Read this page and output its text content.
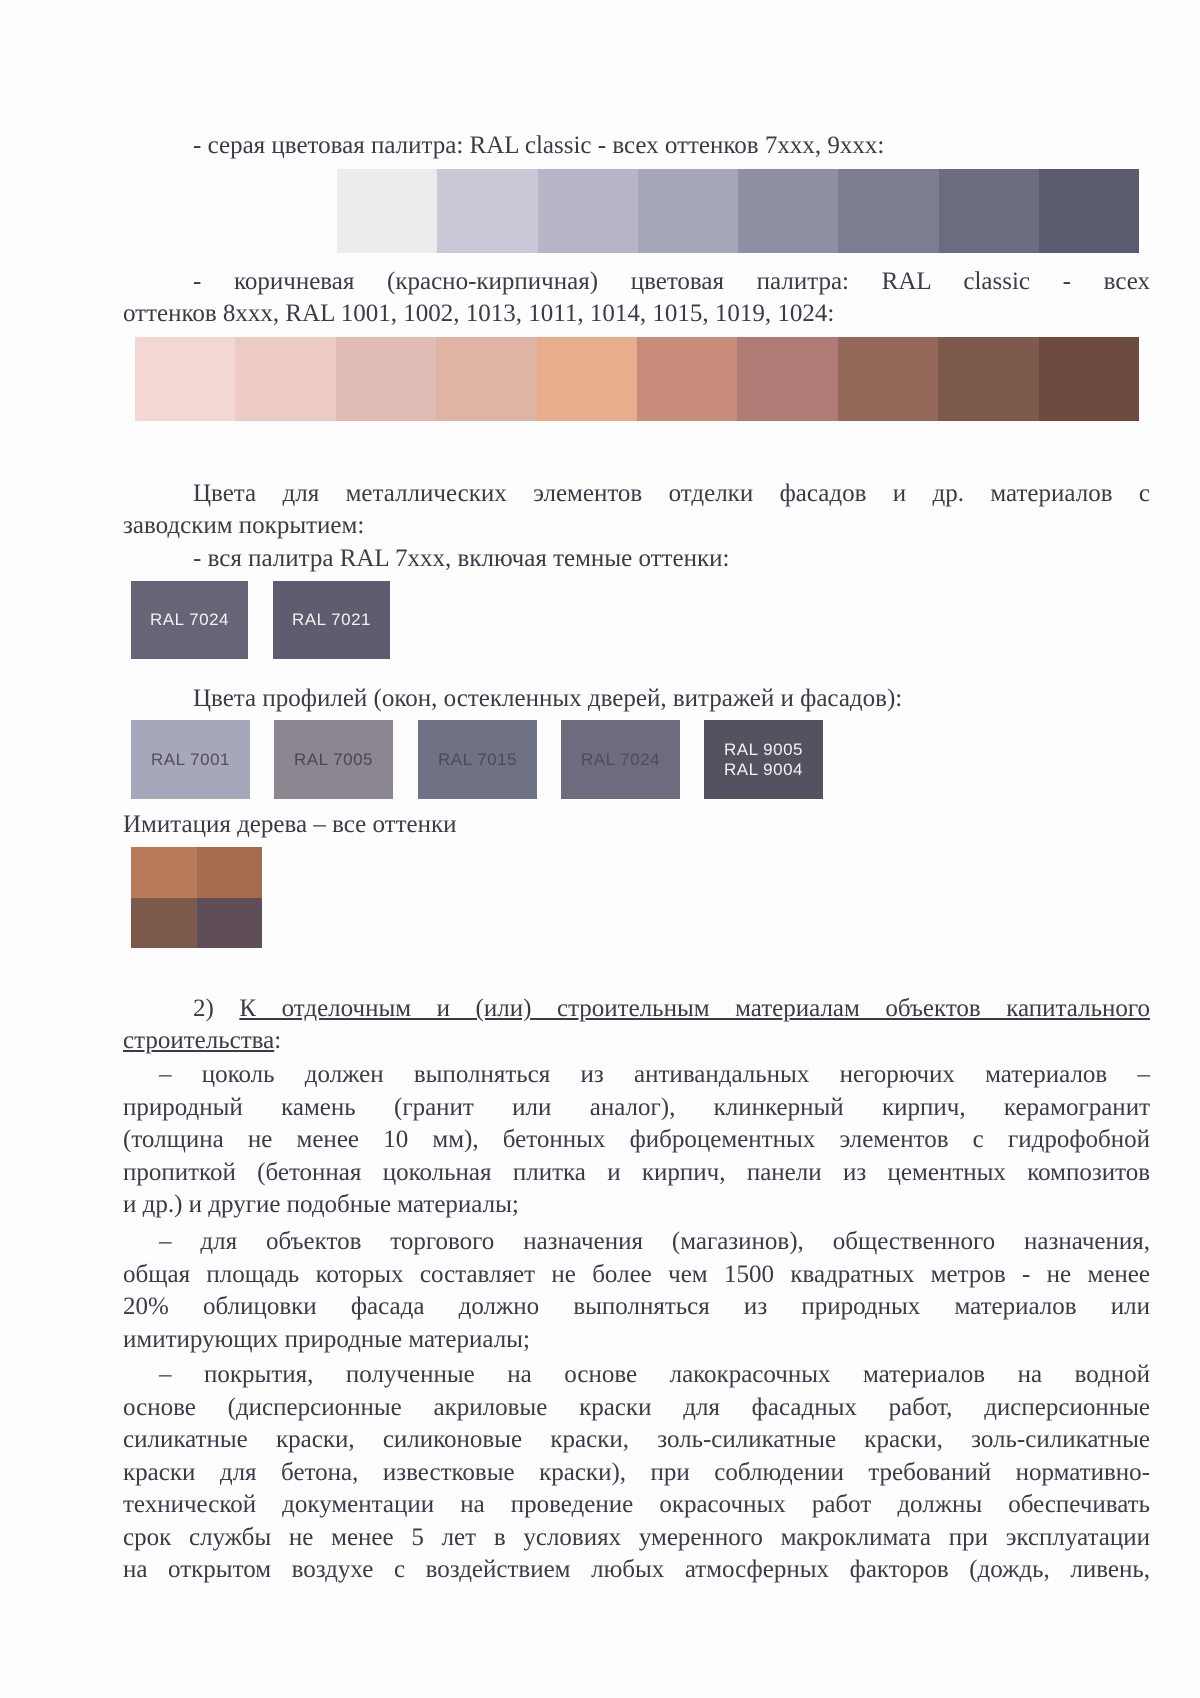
- серая цветовая палитра: RAL classic - всех оттенков 7ххх, 9ххх:

- коричневая (красно-кирпичная) цветовая палитра: RAL classic - всех

оттенков 8ххх, RAL 1001, 1002, 1013, 1011, 1014, 1015, 1019, 1024:

Цвета для металлических элементов отделки фасадов и др. материалов с

заводским покрытием:

- вся палитра RAL 7ххх, включая темные оттенки:

RAL 7024	RAL 7021

Цвета профилей (окон, остекленных дверей, витражей и фасадов):

RAL 7001	RAL 7005	RAL 7015	RAL 7024
RAL 9005
RAL 9004

Имитация дерева – все оттенки

2) К отделочным и (или) строительным материалам объектов капитального

строительства:

– цоколь должен выполняться из антивандальных негорючих материалов –
природный камень (гранит или аналог), клинкерный кирпич, керамогранит
(толщина не менее 10 мм), бетонных фиброцементных элементов с гидрофобной
пропиткой (бетонная цокольная плитка и кирпич, панели из цементных композитов
и др.) и другие подобные материалы;
– для объектов торгового назначения (магазинов), общественного назначения,
общая площадь которых составляет не более чем 1500 квадратных метров - не менее
20% облицовки фасада должно выполняться из природных материалов или
имитирующих природные материалы;
– покрытия, полученные на основе лакокрасочных материалов на водной
основе (дисперсионные акриловые краски для фасадных работ, дисперсионные
силикатные краски, силиконовые краски, золь-силикатные краски, золь-силикатные
краски для бетона, известковые краски), при соблюдении требований нормативно-
технической документации на проведение окрасочных работ должны обеспечивать
срок службы не менее 5 лет в условиях умеренного макроклимата при эксплуатации
на открытом воздухе с воздействием любых атмосферных факторов (дождь, ливень,
